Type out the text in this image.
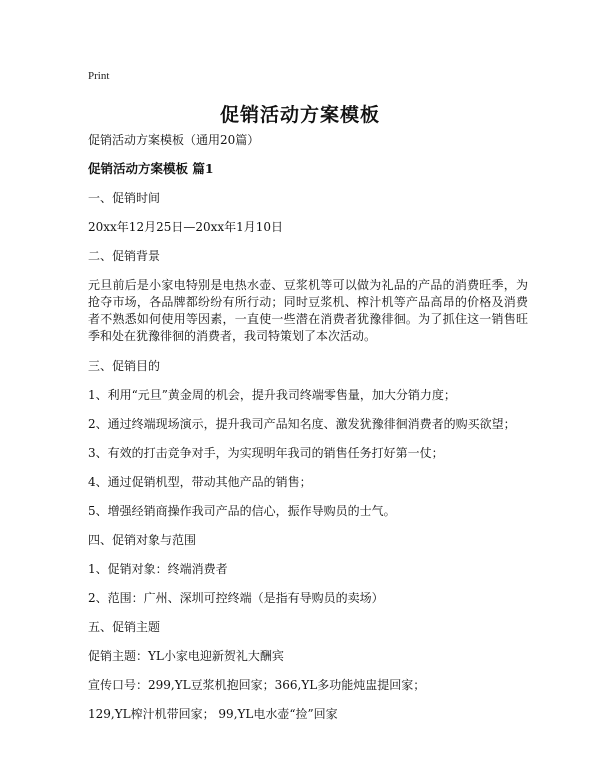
Print
促销活动方案模板

促销活动方案模板（通用20篇）

促销活动方案模板 篇1

一、促销时间

20xx年12月25日—20xx年1月10日

二、促销背景

元旦前后是小家电特别是电热水壶、豆浆机等可以做为礼品的产品的消费旺季，为抢夺市场，各品牌都纷纷有所行动；同时豆浆机、榨汁机等产品高昂的价格及消费者不熟悉如何使用等因素，一直使一些潜在消费者犹豫徘徊。为了抓住这一销售旺季和处在犹豫徘徊的消费者，我司特策划了本次活动。

三、促销目的

1、利用“元旦”黄金周的机会，提升我司终端零售量，加大分销力度；

2、通过终端现场演示，提升我司产品知名度、激发犹豫徘徊消费者的购买欲望；

3、有效的打击竞争对手，为实现明年我司的销售任务打好第一仗；

4、通过促销机型，带动其他产品的销售；

5、增强经销商操作我司产品的信心，振作导购员的士气。

四、促销对象与范围

1、促销对象：终端消费者

2、范围：广州、深圳可控终端（是指有导购员的卖场）

五、促销主题

促销主题：YL小家电迎新贺礼大酬宾

宣传口号：299,YL豆浆机抱回家；366,YL多功能炖盅提回家；

129,YL榨汁机带回家； 99,YL电水壶“捡”回家
